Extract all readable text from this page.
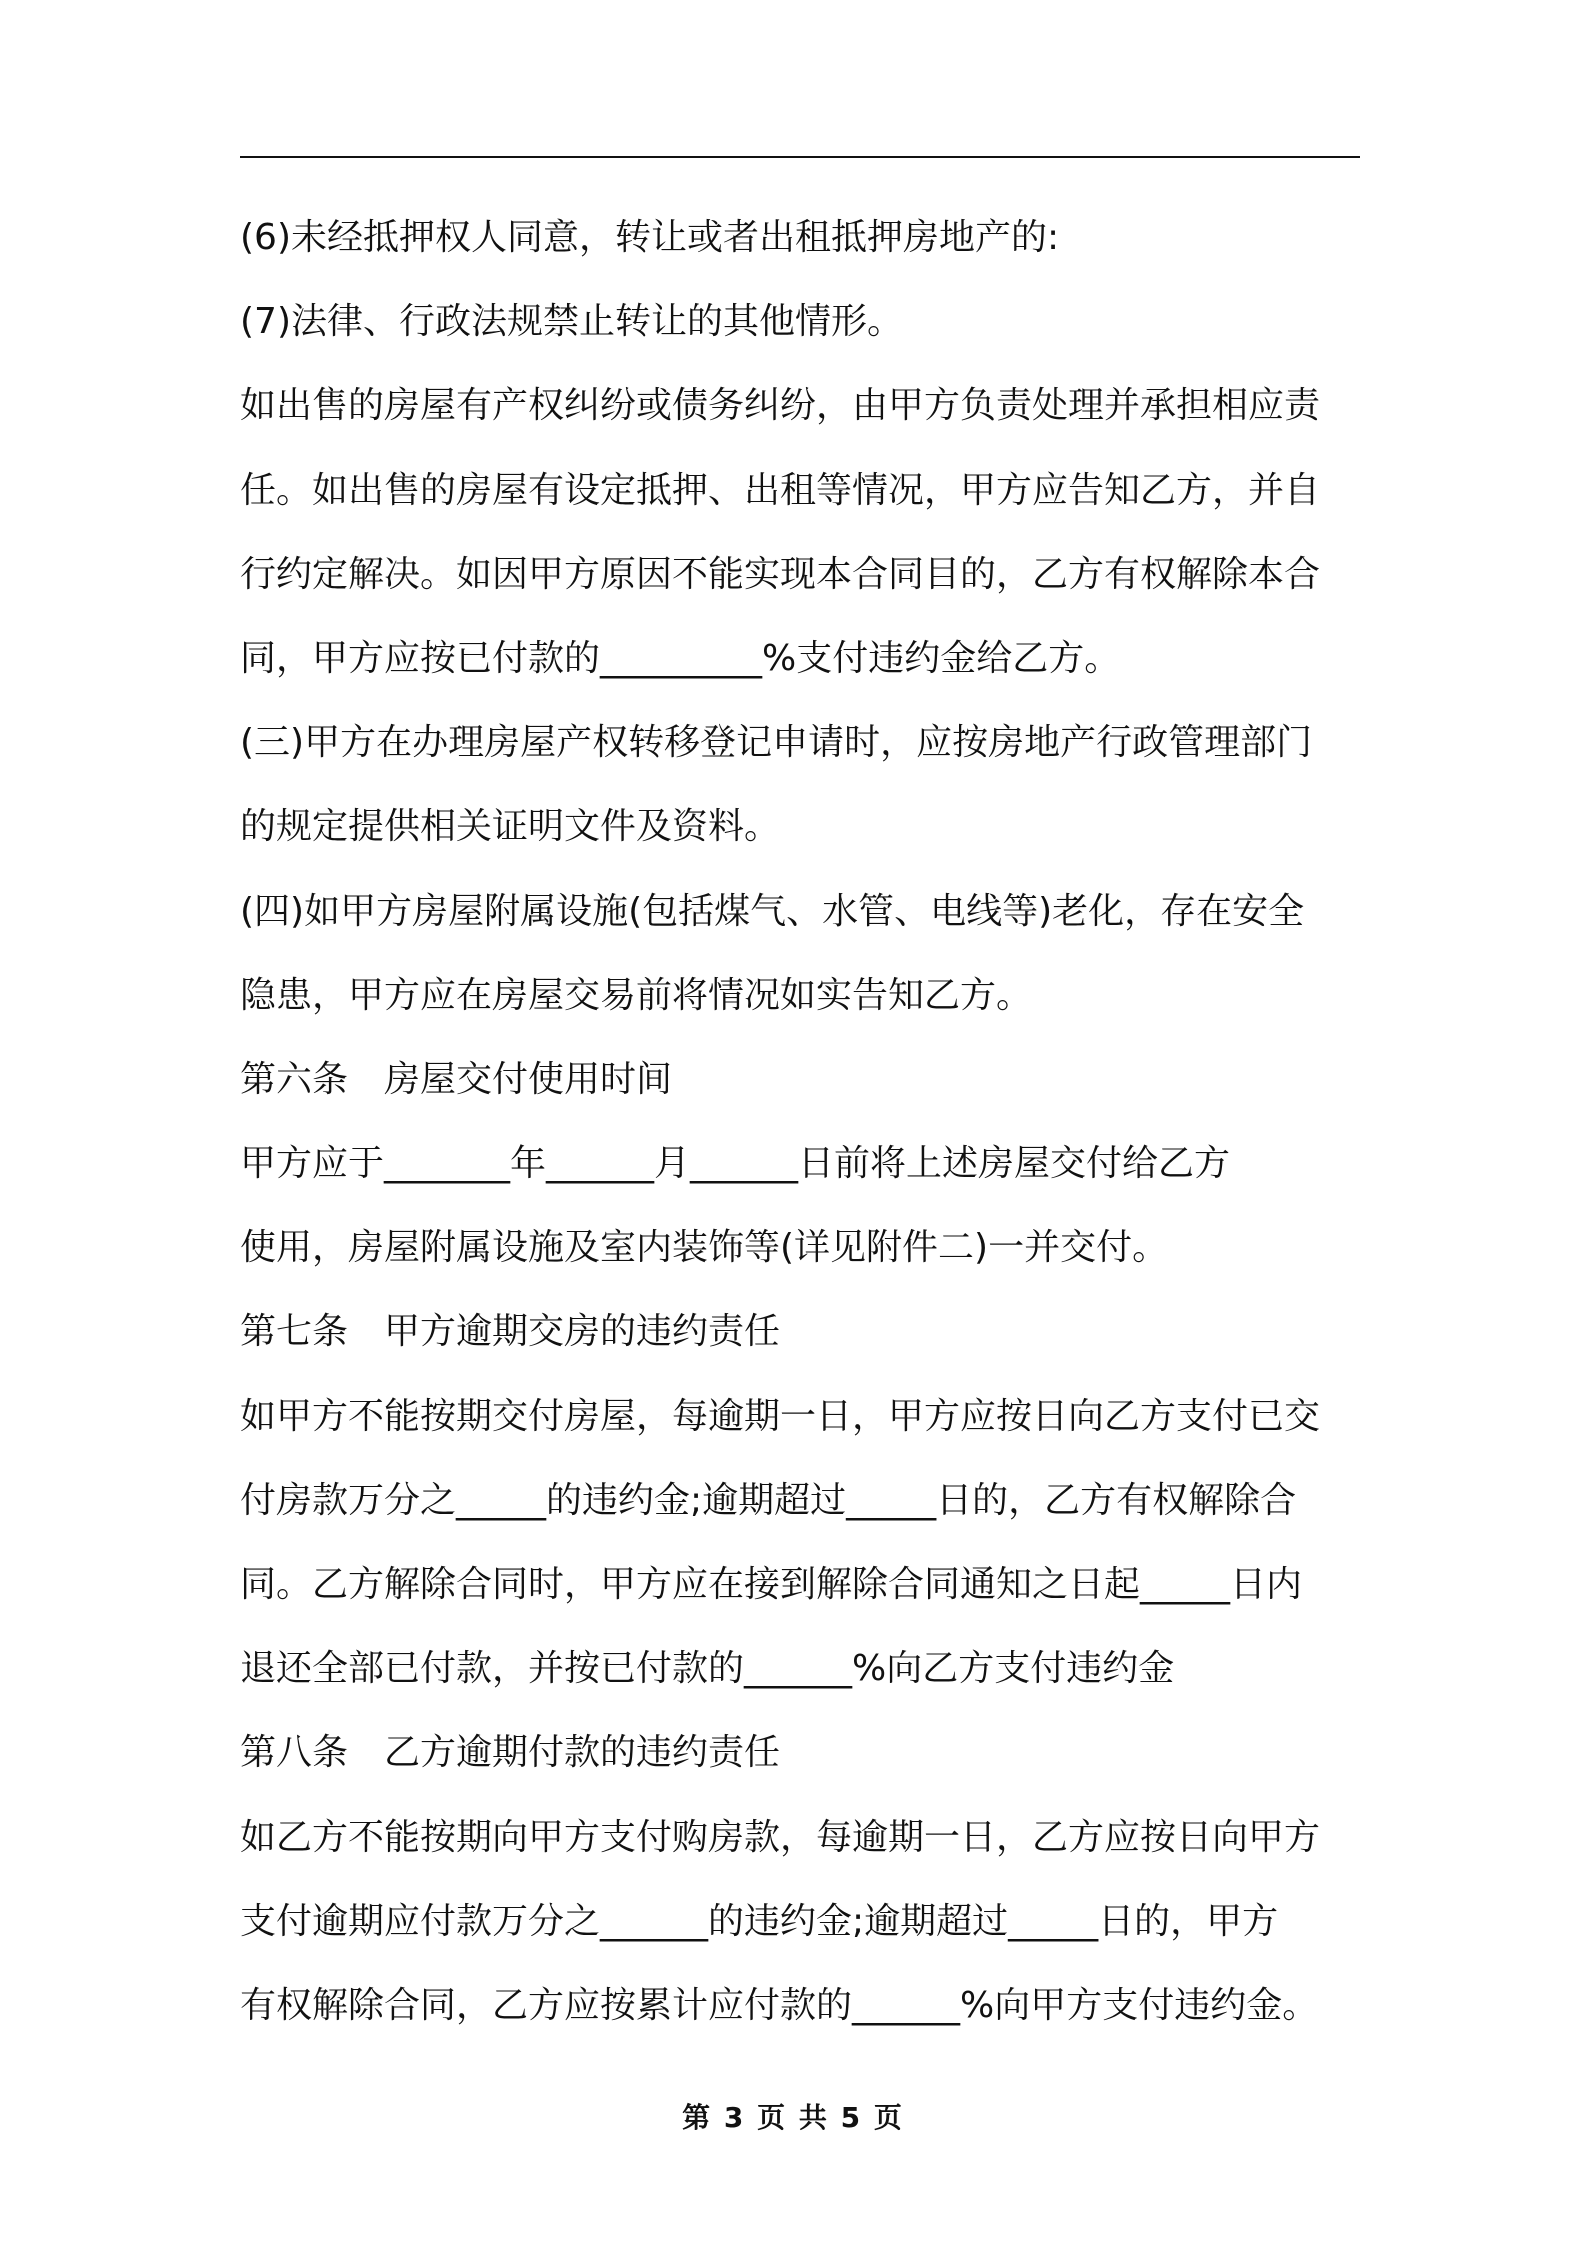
(6)未经抵押权人同意，转让或者出租抵押房地产的:
(7)法律、行政法规禁止转让的其他情形。
如出售的房屋有产权纠纷或债务纠纷，由甲方负责处理并承担相应责
任。如出售的房屋有设定抵押、出租等情况，甲方应告知乙方，并自
行约定解决。如因甲方原因不能实现本合同目的，乙方有权解除本合
同，甲方应按已付款的_________%支付违约金给乙方。
(三)甲方在办理房屋产权转移登记申请时，应按房地产行政管理部门
的规定提供相关证明文件及资料。
(四)如甲方房屋附属设施(包括煤气、水管、电线等)老化，存在安全
隐患，甲方应在房屋交易前将情况如实告知乙方。
第六条　房屋交付使用时间
甲方应于_______年______月______日前将上述房屋交付给乙方
使用，房屋附属设施及室内装饰等(详见附件二)一并交付。
第七条　甲方逾期交房的违约责任
如甲方不能按期交付房屋，每逾期一日，甲方应按日向乙方支付已交
付房款万分之_____的违约金;逾期超过_____日的，乙方有权解除合
同。乙方解除合同时，甲方应在接到解除合同通知之日起_____日内
退还全部已付款，并按已付款的______%向乙方支付违约金
第八条　乙方逾期付款的违约责任
如乙方不能按期向甲方支付购房款，每逾期一日，乙方应按日向甲方
支付逾期应付款万分之______的违约金;逾期超过_____日的，甲方
有权解除合同，乙方应按累计应付款的______%向甲方支付违约金。
第 3 页 共 5 页
